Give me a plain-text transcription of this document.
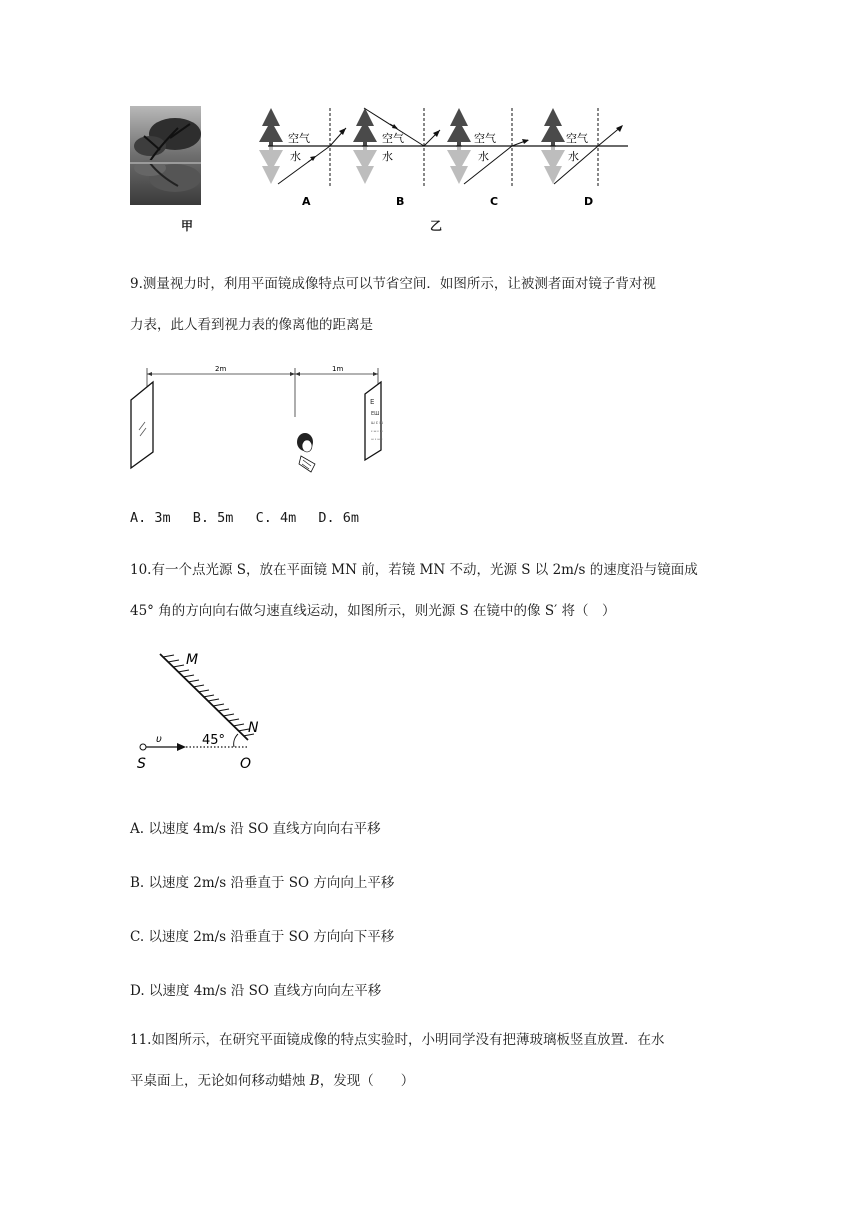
甲
空气
水
空气
水
空气
水
空气
水
A	B	C	D
乙
9.测量视力时，利用平面镜成像特点可以节省空间．如图所示，让被测者面对镜子背对视
力表，此人看到视力表的像离他的距离是
2m	1m
E
ЕШ
ш ε ш
ε ш ε ш
ш ε ш ε
A. 3m B. 5m C. 4m D. 6m
10.有一个点光源 S，放在平面镜 MN 前，若镜 MN 不动，光源 S 以 2m/s 的速度沿与镜面成
45° 角的方向向右做匀速直线运动，如图所示，则光源 S 在镜中的像 S′ 将（　）
M
N
S	O
υ	45°
A. 以速度 4m/s 沿 SO 直线方向向右平移
B. 以速度 2m/s 沿垂直于 SO 方向向上平移
C. 以速度 2m/s 沿垂直于 SO 方向向下平移
D. 以速度 4m/s 沿 SO 直线方向向左平移
11.如图所示，在研究平面镜成像的特点实验时，小明同学没有把薄玻璃板竖直放置．在水
平桌面上，无论如何移动蜡烛 B，发现（　　）
